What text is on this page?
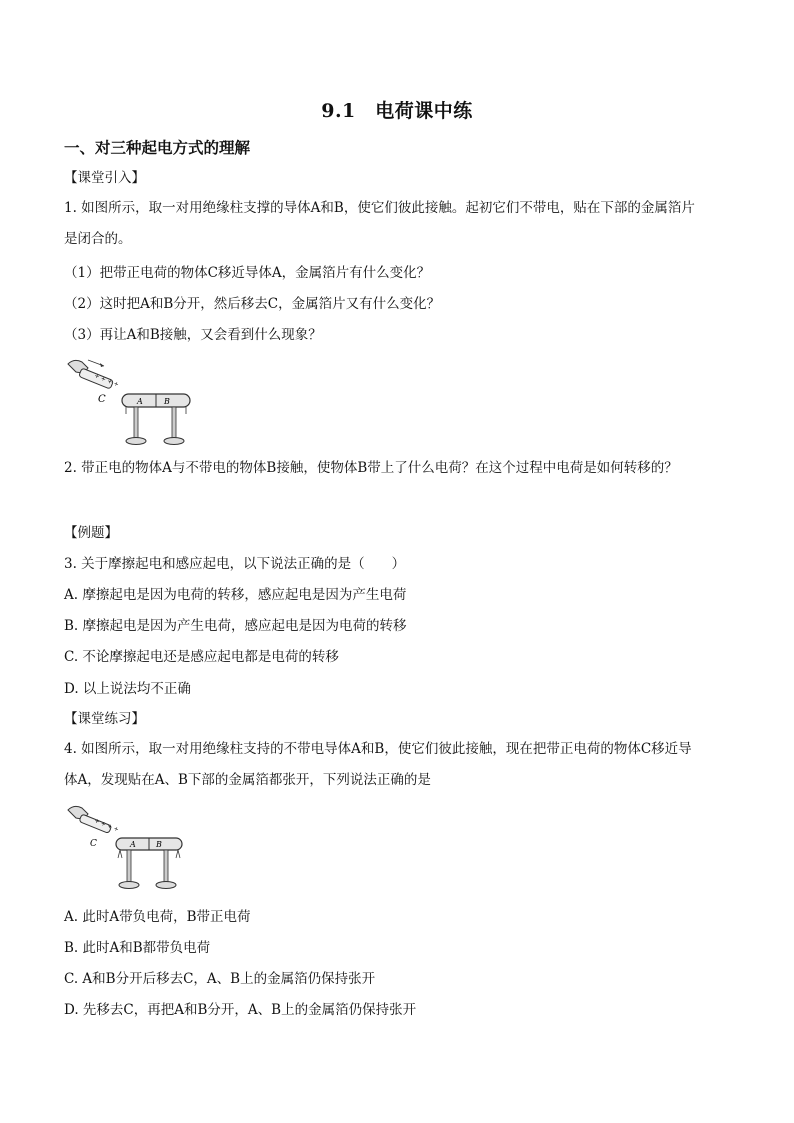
9.1　电荷课中练
一、对三种起电方式的理解
【课堂引入】
1. 如图所示，取一对用绝缘柱支撑的导体A和B，使它们彼此接触。起初它们不带电，贴在下部的金属箔片
是闭合的。
（1）把带正电荷的物体C移近导体A，金属箔片有什么变化？
（2）这时把A和B分开，然后移去C，金属箔片又有什么变化？
（3）再让A和B接触，又会看到什么现象？
+ + + +
C	A	B
2. 带正电的物体A与不带电的物体B接触，使物体B带上了什么电荷？在这个过程中电荷是如何转移的？
【例题】
3. 关于摩擦起电和感应起电，以下说法正确的是（　　）
A. 摩擦起电是因为电荷的转移，感应起电是因为产生电荷
B. 摩擦起电是因为产生电荷，感应起电是因为电荷的转移
C. 不论摩擦起电还是感应起电都是电荷的转移
D. 以上说法均不正确
【课堂练习】
4. 如图所示，取一对用绝缘柱支持的不带电导体A和B，使它们彼此接触，现在把带正电荷的物体C移近导
体A，发现贴在A、B下部的金属箔都张开，下列说法正确的是
+ + + +
C	A	B
A. 此时A带负电荷，B带正电荷
B. 此时A和B都带负电荷
C. A和B分开后移去C，A、B上的金属箔仍保持张开
D. 先移去C，再把A和B分开，A、B上的金属箔仍保持张开
